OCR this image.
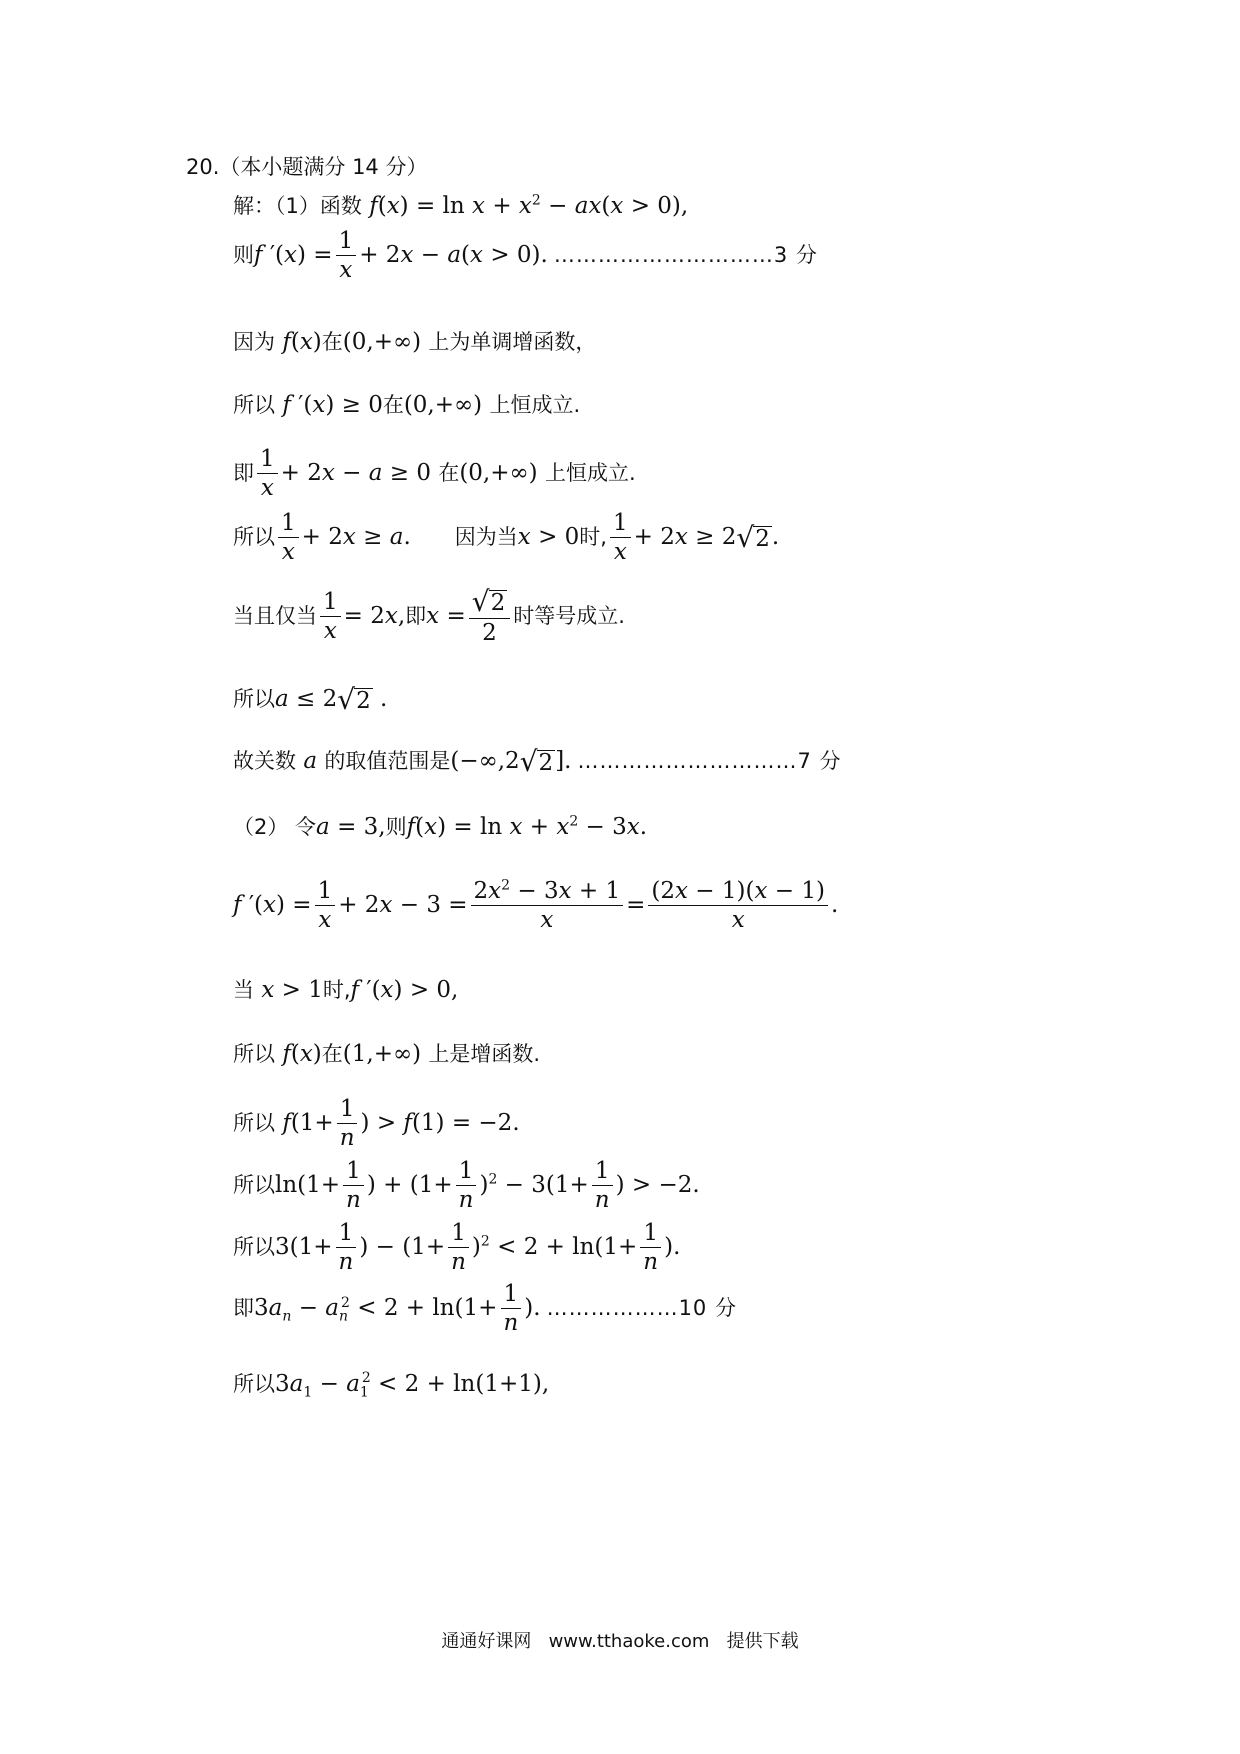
20.（本小题满分 14 分）
解：（1）函数 $f(x) = \ln x + x^2 - ax(x > 0)$,
则 f $'(x) = \frac{1}{x} + 2x - a(x > 0)$. …………………………3 分
因为 f(x) 在 (0,+∞) 上为单调增函数，
所以 f ′(x) ≥ 0 在 (0,+∞) 上恒成立.
即 $\frac{1}{x} + 2x - a \ge 0$ 在 (0,+∞) 上恒成立.
所以 $\frac{1}{x} + 2x \ge a$. 因为当 x > 0 时, $\frac{1}{x} + 2x \ge 2$ √ 2 .
当且仅当 $\frac{1}{x} = 2x$, 即 $x = \frac{√ 2}{2}$ 时等号成立.
所以 a ≤ 2 √ 2 .
故关数 a 的取值范围是 (−∞,2 √ 2 ]. …………………………7 分
（2） 令 a = 3, 则 $f(x) = \ln x + x^2 - 3x$.
f $'(x) = \frac{1}{x} + 2x - 3 = \frac{2x^2 - 3x + 1}{x} = \frac{(2x - 1)(x - 1)}{x}$ .
当 x > 1 时, f ′(x) > 0,
所以 f(x) 在 (1,+∞) 上是增函数.
所以 $f(1+ \frac{1}{n}$ ) > f(1) = −2.
所以 $\ln(1+ \frac{1}{n}$ ) + $(1+ \frac{1}{n} )^2 - 3(1+ \frac{1}{n}$ ) > −2.
所以 $3(1+ \frac{1}{n}$ ) − $(1+ \frac{1}{n} )^2 < 2 + \ln(1+ \frac{1}{n}$ ).
即 $3a_n - a_n^2 < 2 + \ln(1+ \frac{1}{n}$ ). ………………10 分
所以 $3a_1 - a_1^2 < 2 + \ln(1+1)$,
通通好课网 www.tthaoke.com 提供下载
